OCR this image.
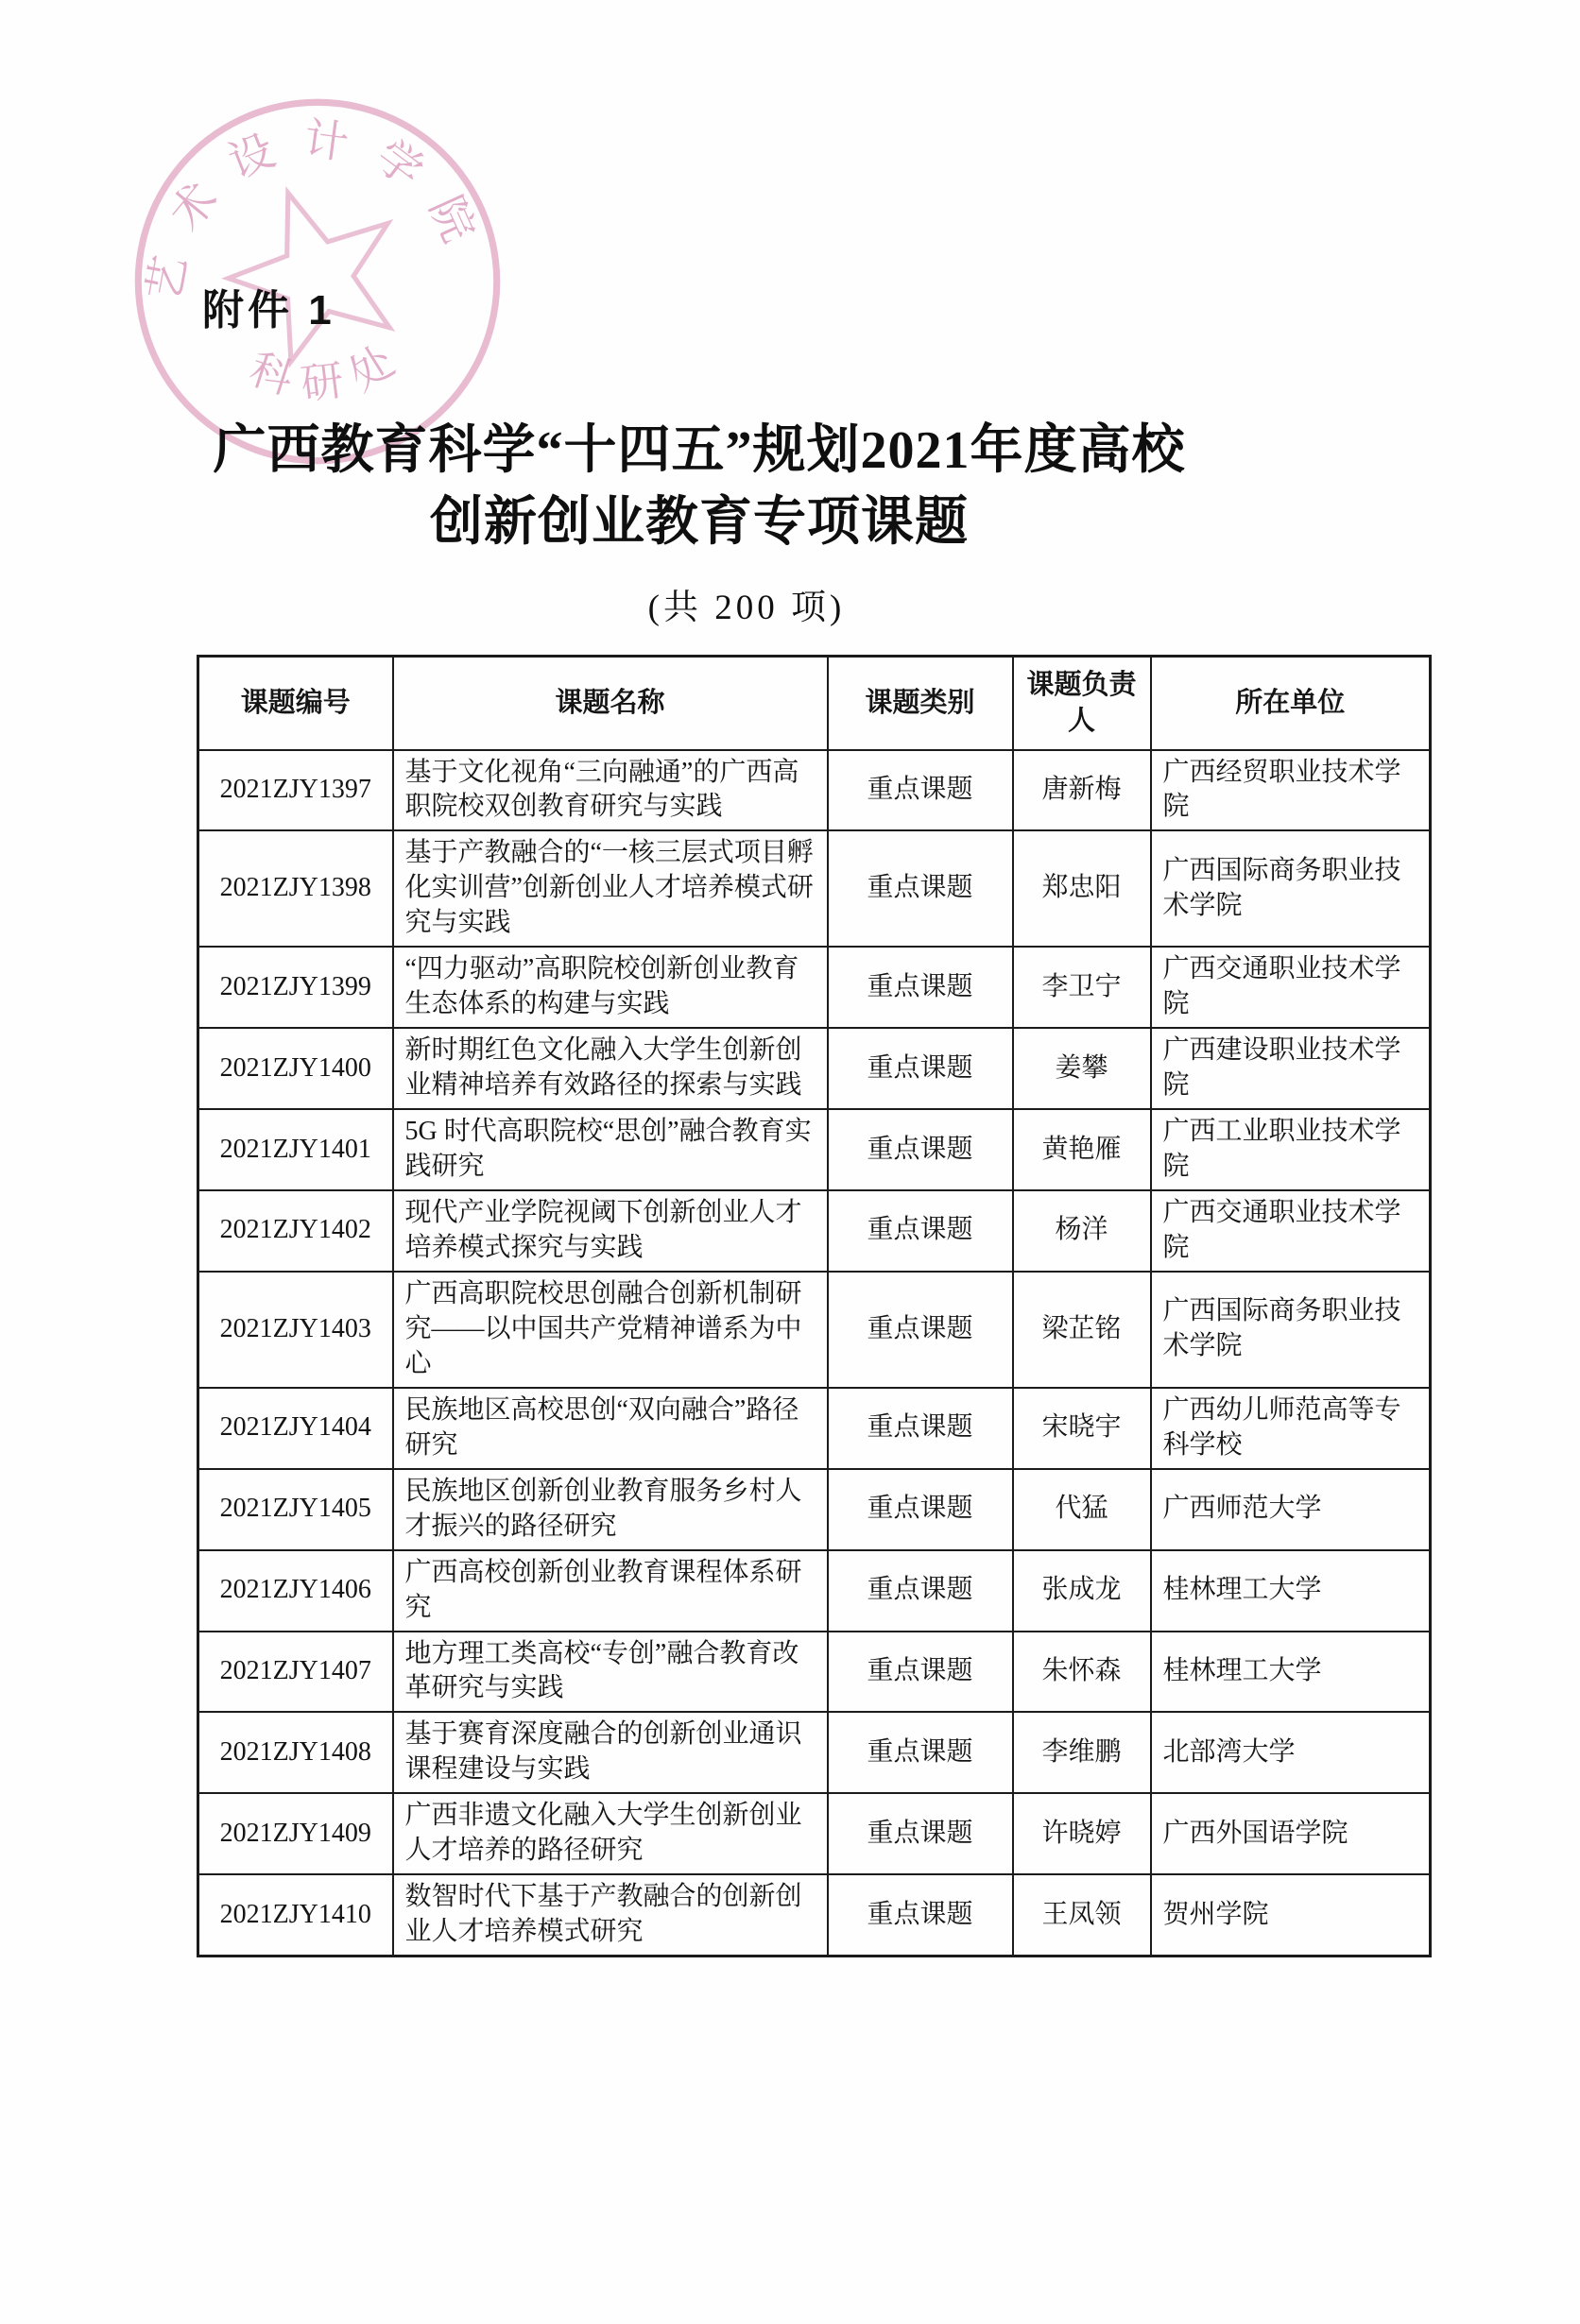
艺术设计学院
科研处
附件 1
广西教育科学“十四五”规划2021年度高校
创新创业教育专项课题
(共 200 项)
课题编号	课题名称	课题类别	课题负责人	所在单位
2021ZJY1397	基于文化视角“三向融通”的广西高职院校双创教育研究与实践	重点课题	唐新梅	广西经贸职业技术学院
2021ZJY1398	基于产教融合的“一核三层式项目孵化实训营”创新创业人才培养模式研究与实践	重点课题	郑忠阳	广西国际商务职业技术学院
2021ZJY1399	“四力驱动”高职院校创新创业教育生态体系的构建与实践	重点课题	李卫宁	广西交通职业技术学院
2021ZJY1400	新时期红色文化融入大学生创新创业精神培养有效路径的探索与实践	重点课题	姜攀	广西建设职业技术学院
2021ZJY1401	5G 时代高职院校“思创”融合教育实践研究	重点课题	黄艳雁	广西工业职业技术学院
2021ZJY1402	现代产业学院视阈下创新创业人才培养模式探究与实践	重点课题	杨洋	广西交通职业技术学院
2021ZJY1403	广西高职院校思创融合创新机制研究——以中国共产党精神谱系为中心	重点课题	梁芷铭	广西国际商务职业技术学院
2021ZJY1404	民族地区高校思创“双向融合”路径研究	重点课题	宋晓宇	广西幼儿师范高等专科学校
2021ZJY1405	民族地区创新创业教育服务乡村人才振兴的路径研究	重点课题	代猛	广西师范大学
2021ZJY1406	广西高校创新创业教育课程体系研究	重点课题	张成龙	桂林理工大学
2021ZJY1407	地方理工类高校“专创”融合教育改革研究与实践	重点课题	朱怀森	桂林理工大学
2021ZJY1408	基于赛育深度融合的创新创业通识课程建设与实践	重点课题	李维鹏	北部湾大学
2021ZJY1409	广西非遗文化融入大学生创新创业人才培养的路径研究	重点课题	许晓婷	广西外国语学院
2021ZJY1410	数智时代下基于产教融合的创新创业人才培养模式研究	重点课题	王凤领	贺州学院
